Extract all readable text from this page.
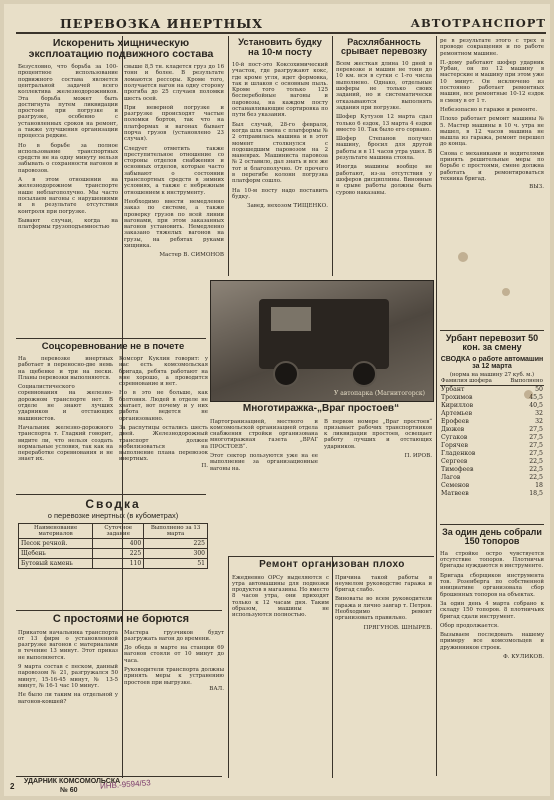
ПЕРЕВОЗКА ИНЕРТНЫХ	АВТОТРАНСПОРТ

Искоренить хищническую эксплоатацию подвижного состава

Безусловно, что борьба за 100-процентное использование подвижного состава является центральной задачей всего коллектива железнодорожников. Эта борьба может быть достигнута путем ликвидации простоев при погрузке и разгрузке, особенно с установленных сроков на ремонт, а также улучшения организации процесса редкие.

Но в борьбе за полное использование транспортных средств не на одну минуту нельзя забывать о сохранности вагонов и паровозов.

А в этом отношении на железнодорожном транспорте наше неблагополучно. Мы часто посылаем вагоны с нарушениями и в результате отсутствия контроля при погрузке.

Бывают случаи, когда на платформы грузоподъемностью

свыше 8,5 тн. кладется груз до 16 тонн и более. В результате ломаются рессоры. Кроме того, получается вагон на одну сторону прогиба до 25 случаев поломки шесть осей.

При неверной погрузке и разгрузке происходят частые поломки бортов, так что на платформах и вагонах бывает порча грузов (установлено 23 случая).

Следует отметить также преступительное отношение со стороны отделов снабжения и основных отделов, которые часто забывают о состоянии транспортных средств в зимних условиях, а также с небрежным отношением к инструменту.

Необходимо ввести немедленно заказ по системе, а также проверку грузов по всей линии вагонами, при этом заказанных вагонов установить. Немедленно заказано тяжелых вагонов на грузы, на ребятах руками хищника.

Мастер В. СИМОНОВ

Установить будку на 10-м посту

10-й пост-это Коксохимический участок, где разгружают кокс, где кроме угля, идет формовка, так и шлаков с основным пыль. Кроме того только 125 бесперебойные вагоны и паровозы, на каждом посту останавливающие сортировка по пути без указания.

Был случай, 28-го февраля, когда шла смена с платформы № 2 отправилась машина и в этот момент столкнулся с подошедшим паровозом на 2 маневрах. Машиниста паровоза № 2 оставило, дал знать и все же тот и благополучно. От прочего в перегибе колонн погрузка платформ сошло.

На 10-м посту надо поставить будку.

Завед. нехозом ТИЩЕНКО.

Расхлябанность срывает перевозку

Всем жесткая длина 10 дней в перевозке и машин не тонн до 10 км. вся в сутки с 1-го числа выполнено. Однако, отдельные шоферы не только своих заданий, но и систематически отказываются выполнять задания при погрузке.

Шофер Кутузов 12 марта сдал только 6 ездок, 13 марта 4 ездки вместо 10. Так было его сорвано.

Шофер Степанов получил машину, бросил для другой работы и в 11 часов утра ушел. В результате машина стояла.

Иногда машины вообще не работают, из-за отсутствия у шоферов дисциплины. Виновные в срыве работы должны быть сурово наказаны.

ре в результате этого с трех в проводе сокращения и по работе ремонтном машине.

П.-дому работают шофер ударник Урбан, он по 12 машину в мастерские и машину при этом уже 10 минут. Он исключено из постоянно работает ремонтных машин, все ремонтные 10-12 ездок в смену в от 1 т.

Небезопасно в гараже и ремонте.

Плохо работает ремонт машины № 5. Мастер машины в 10 ч. утра не вышел, в 12 часов машина не вышла из гаража, ремонт перешел до конца.

Снова с механиками и водителями принять решительные меры по борьбе с простоями, смене должна работать и ремонтироваться техника бригад.

ВЫЗ.

Урбант перевозит 50 кон. за смену

СВОДКА о работе автомашин за 12 марта

(норма на машину 27 куб. м.)

Фамилия шофера	Выполнено
Урбант	50
Трохимов	45,5
Кириллов	40,5
Артемьев	32
Ерофеев	32
Дюжев	27,5
Сугаков	27,5
Горячев	27,5
Гладенков	27,5
Сергеев	22,5
Тимофеев	22,5
Лагов	22,5
Семенов	18
Матвеев	18,5

За один день собрали 150 топоров

На стройке остро чувствуется отсутствие топоров. Плотничьи бригады нуждаются в инструменте.

Бригада сборщиков инструмента тов. Розенберга по собственной инициативе организовала сбор брошенных топоров на объектах.

За один день 4 марта собрано к складу 150 топоров. 8 плотничьих бригад сдали инструмент.

Обор продолжается.

Вызываем последовать нашему примеру все комсомольцев и дружинников строек.

Ф. КУЛИКОВ.

У автопарка (Магнитогорск)

Соцсоревнование не в почете

На перевозке инертных работает в переносно-две немь на щебенке и три на пески. Планы перевозки выполняются.

Социалистического соревнования на железно-дорожном транспорте нет. В отделе не знают лучших ударников и отстающих машинистов.

Начальник железно-дорожного транспорта т. Гладкий говорит, видите ли, что нельзя создать нормальные условия, так как на переработке соревнования и не знает их.

Комсорг Куклин говорит: у нас есть комсомольская бригада, ребята работают на мне хорошо, а проводится соревнование и нет.

Но в это не больше, как болтовня. Людей в отделе не хватает, вот почему и у них работа ведется не организованно.

За распутицы остались шесть дней. Железнодорожный транспорт должен мобилизоваться на выполнение плана перевозок инертных.

П.

Сводка

о перевозке инертных (в кубометрах)

Наименование материалов	Суточное задание	Выполнено за 13 марта
Песок речной.	400	225
Щебень	225	300
Бутовый камень	110	51

Многотиражка-„Враг простоев“

Партогранизацией, местного и комсомольской организацией отдела снабжения стройки организована многотиражная газета „ВРАГ ПРОСТОЕВ“.

Этот сектор пользуются уже на ее выполнение за организационные вагоны на.

В первом номере „Враг простоев“ призывает рабочих транспортников к ликвидации простоев, освещает работу лучших и отстающих ударников.

П. ИРОВ.

С простоями не борются

Прикатом начальника транспорта от 13 фирм о установленной разгрузке вагонов с материалами в течение 13 минут. Этот приказ не выполняется.

9 марта состав с песком, данный паровозом № 21, разгружался 50 минут, 15-16-45 минут, № 13-5 минут, № 16-1 час 10 минут.

Не было ли таким на отдельной у вагонов-ковшей?

Мастера грузчиков будут разгружать вагон до времени.

До обеда в марте на станции 69 вагонов стояли от 10 минут до часа.

Руководители транспорта должны принять меры к устранению простоев при выгрузке.

ВАЛ.

Ремонт организован плохо

Ежедневно ОРСу выделяются с утра автомашины для подвозки продуктов в магазины. Но вместо 8 часов утра, они приходят только к 12 часам дня. Таким образом, машины не используются полностью.

Причина такой работы в неумелом руководстве гаража и бригад слабо.

Виноваты во всем руководители гаража и лично завгар т. Петров. Необходимо ремонт организовать правильно.

ПРЯГУНОВ. ШНЫРЕВ.

2
УДАРНИК КОМСОМОЛЬСКА
№ 60	ИНВ.-9594/53
